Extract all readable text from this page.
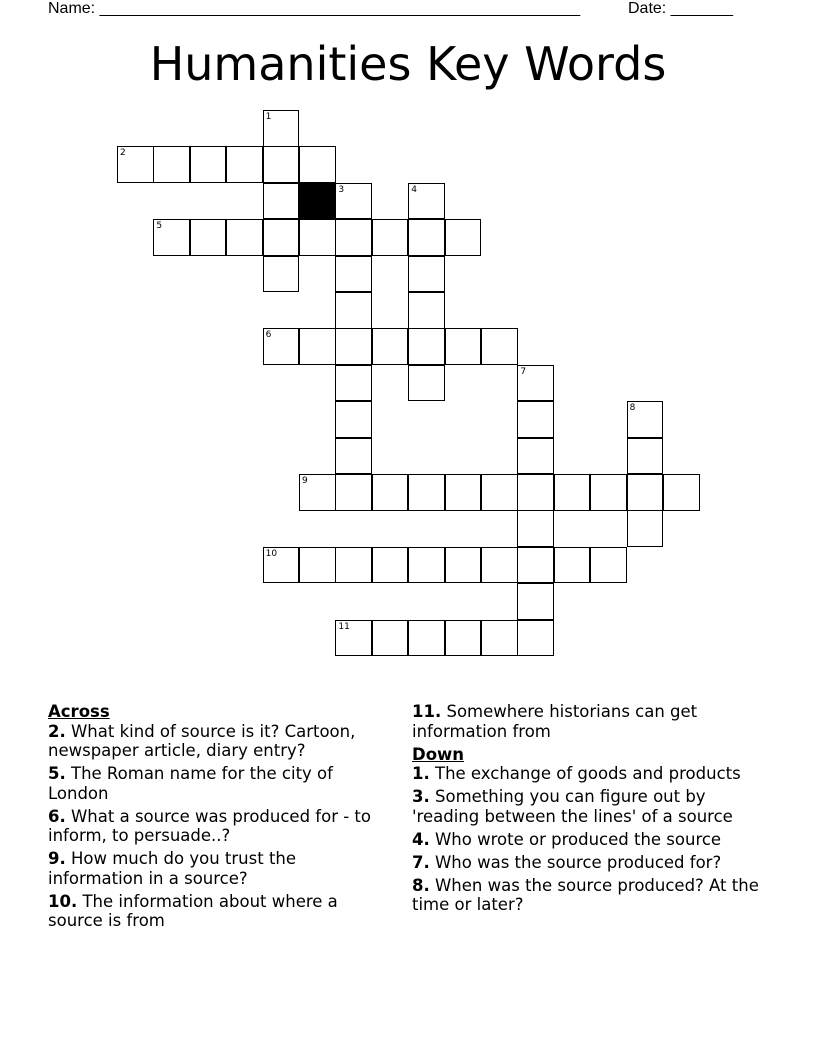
Name: ______________________________________________________	Date: _______
Humanities Key Words
1
2
3	4
5
6
7
8
9
10
11

Across

2. What kind of source is it? Cartoon, newspaper article, diary entry?

5. The Roman name for the city of London

6. What a source was produced for - to inform, to persuade..?

9. How much do you trust the information in a source?

10. The information about where a source is from

11. Somewhere historians can get information from

Down

1. The exchange of goods and products

3. Something you can figure out by 'reading between the lines' of a source

4. Who wrote or produced the source

7. Who was the source produced for?

8. When was the source produced? At the time or later?
